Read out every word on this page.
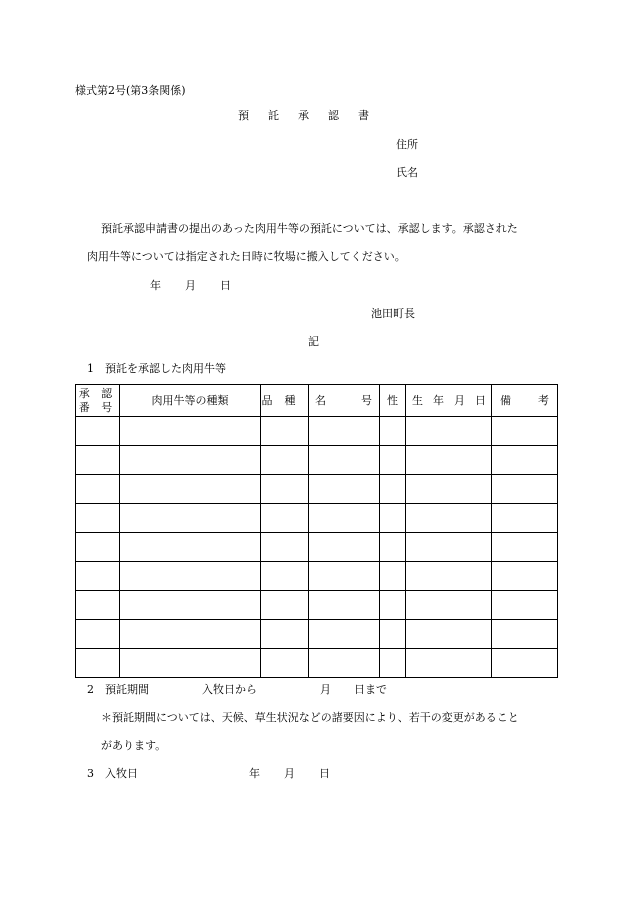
様式第2号(第3条関係)
預託承認書
住所
氏名
預託承認申請書の提出のあった肉用牛等の預託については、承認します。承認された
肉用牛等については指定された日時に牧場に搬入してください。
年 月 日
池田町長
記
1　預託を承認した肉用牛等
承 認
番 号	肉用牛等の種類	品 種	名 号	性	生 年 月 日	備 考

2　預託期間	入牧日から	月 日まで
＊預託期間については、天候、草生状況などの諸要因により、若干の変更があること
があります。
3　入牧日	年 月 日
